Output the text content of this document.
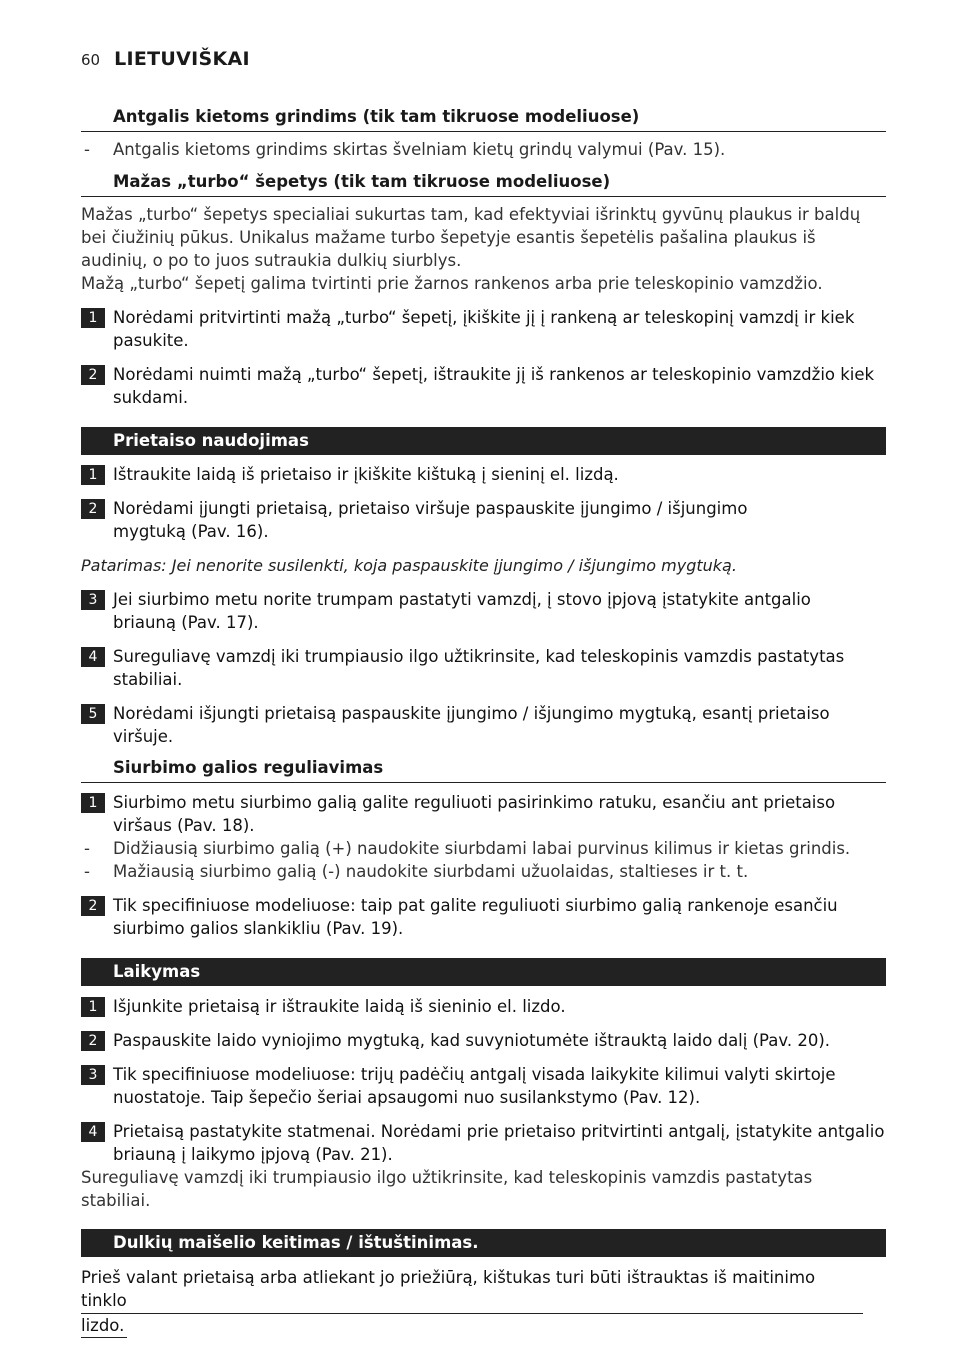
60 LIETUVIŠKAI
Antgalis kietoms grindims (tik tam tikruose modeliuose)
- Antgalis kietoms grindims skirtas švelniam kietų grindų valymui (Pav. 15).
Mažas „turbo“ šepetys (tik tam tikruose modeliuose)
Mažas „turbo“ šepetys specialiai sukurtas tam, kad efektyviai išrinktų gyvūnų plaukus ir baldų bei čiužinių pūkus. Unikalus mažame turbo šepetyje esantis šepetėlis pašalina plaukus iš audinių, o po to juos sutraukia dulkių siurblys.
Mažą „turbo“ šepetį galima tvirtinti prie žarnos rankenos arba prie teleskopinio vamzdžio.
1 Norėdami pritvirtinti mažą „turbo“ šepetį, įkiškite jį į rankeną ar teleskopinį vamzdį ir kiek pasukite.
2 Norėdami nuimti mažą „turbo“ šepetį, ištraukite jį iš rankenos ar teleskopinio vamzdžio kiek sukdami.
Prietaiso naudojimas
1 Ištraukite laidą iš prietaiso ir įkiškite kištuką į sieninį el. lizdą.
2 Norėdami įjungti prietaisą, prietaiso viršuje paspauskite įjungimo / išjungimo mygtuką (Pav. 16).
Patarimas: Jei nenorite susilenkti, koja paspauskite įjungimo / išjungimo mygtuką.
3 Jei siurbimo metu norite trumpam pastatyti vamzdį, į stovo įpjovą įstatykite antgalio briauną (Pav. 17).
4 Sureguliavę vamzdį iki trumpiausio ilgo užtikrinsite, kad teleskopinis vamzdis pastatytas stabiliai.
5 Norėdami išjungti prietaisą paspauskite įjungimo / išjungimo mygtuką, esantį prietaiso viršuje.
Siurbimo galios reguliavimas
1 Siurbimo metu siurbimo galią galite reguliuoti pasirinkimo ratuku, esančiu ant prietaiso viršaus (Pav. 18).
- Didžiausią siurbimo galią (+) naudokite siurbdami labai purvinus kilimus ir kietas grindis.
- Mažiausią siurbimo galią (-) naudokite siurbdami užuolaidas, staltieses ir t. t.
2 Tik specifiniuose modeliuose: taip pat galite reguliuoti siurbimo galią rankenoje esančiu siurbimo galios slankikliu (Pav. 19).
Laikymas
1 Išjunkite prietaisą ir ištraukite laidą iš sieninio el. lizdo.
2 Paspauskite laido vyniojimo mygtuką, kad suvyniotumėte ištrauktą laido dalį (Pav. 20).
3 Tik specifiniuose modeliuose: trijų padėčių antgalį visada laikykite kilimui valyti skirtoje nuostatoje. Taip šepečio šeriai apsaugomi nuo susilankstymo (Pav. 12).
4 Prietaisą pastatykite statmenai. Norėdami prie prietaiso pritvirtinti antgalį, įstatykite antgalio briauną į laikymo įpjovą (Pav. 21).
Sureguliavę vamzdį iki trumpiausio ilgo užtikrinsite, kad teleskopinis vamzdis pastatytas stabiliai.
Dulkių maišelio keitimas / ištuštinimas.
Prieš valant prietaisą arba atliekant jo priežiūrą, kištukas turi būti ištrauktas iš maitinimo tinklo
lizdo.
